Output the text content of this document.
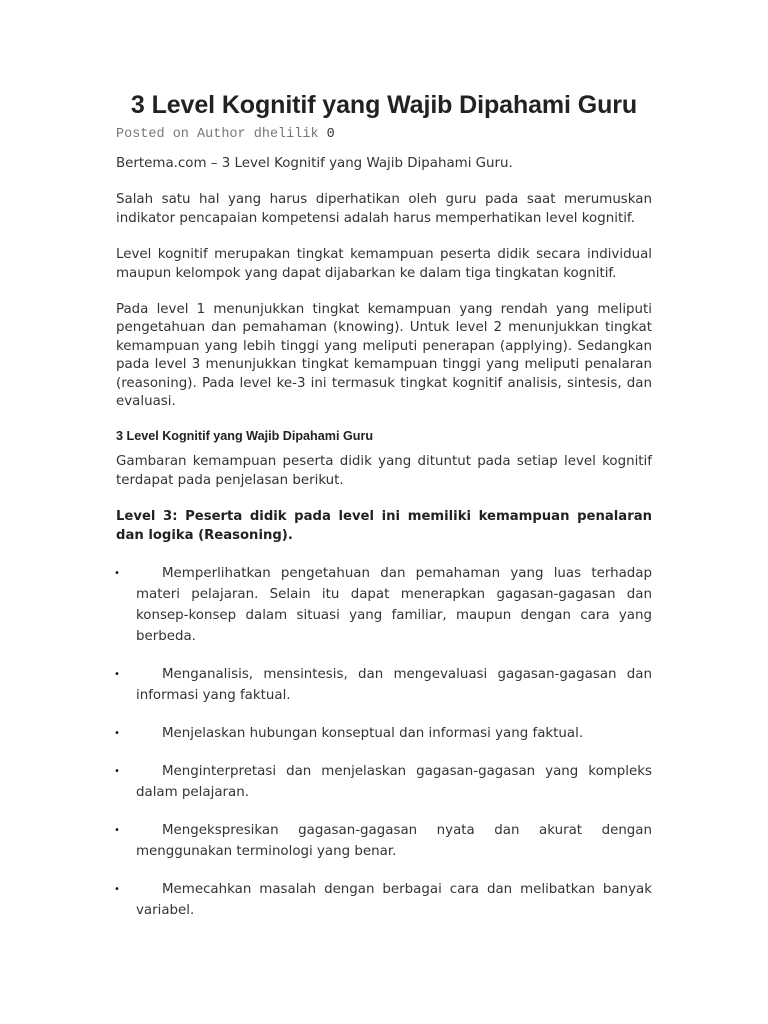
3 Level Kognitif yang Wajib Dipahami Guru
Posted on Author dhelilik 0

Bertema.com – 3 Level Kognitif yang Wajib Dipahami Guru.

Salah satu hal yang harus diperhatikan oleh guru pada saat merumuskan indikator pencapaian kompetensi adalah harus memperhatikan level kognitif.

Level kognitif merupakan tingkat kemampuan peserta didik secara individual maupun kelompok yang dapat dijabarkan ke dalam tiga tingkatan kognitif.

Pada level 1 menunjukkan tingkat kemampuan yang rendah yang meliputi pengetahuan dan pemahaman (knowing). Untuk level 2 menunjukkan tingkat kemampuan yang lebih tinggi yang meliputi penerapan (applying). Sedangkan pada level 3 menunjukkan tingkat kemampuan tinggi yang meliputi penalaran (reasoning). Pada level ke-3 ini termasuk tingkat kognitif analisis, sintesis, dan evaluasi.

3 Level Kognitif yang Wajib Dipahami Guru

Gambaran kemampuan peserta didik yang dituntut pada setiap level kognitif terdapat pada penjelasan berikut.

Level 3: Peserta didik pada level ini memiliki kemampuan penalaran dan logika (Reasoning).
•	Memperlihatkan pengetahuan dan pemahaman yang luas terhadap materi pelajaran. Selain itu dapat menerapkan gagasan-gagasan dan konsep-konsep dalam situasi yang familiar, maupun dengan cara yang berbeda.
•	Menganalisis, mensintesis, dan mengevaluasi gagasan-gagasan dan informasi yang faktual.
•	Menjelaskan hubungan konseptual dan informasi yang faktual.
•	Menginterpretasi dan menjelaskan gagasan-gagasan yang kompleks dalam pelajaran.
•	Mengekspresikan gagasan-gagasan nyata dan akurat dengan menggunakan terminologi yang benar.
•	Memecahkan masalah dengan berbagai cara dan melibatkan banyak variabel.
